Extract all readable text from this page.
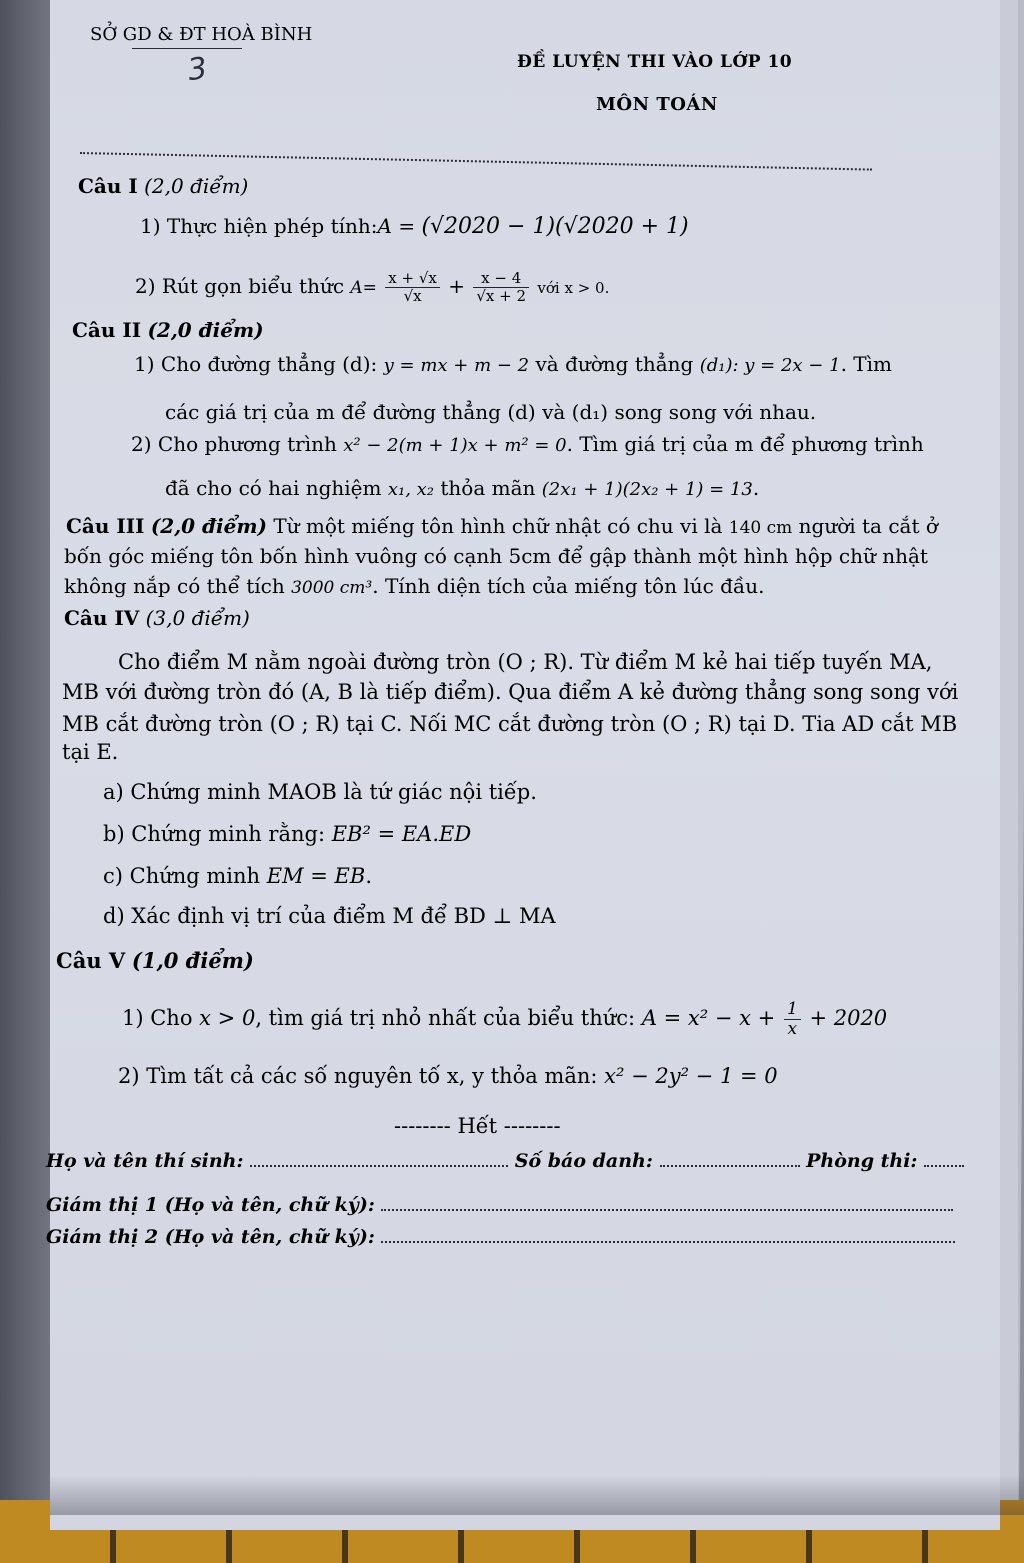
SỞ GD & ĐT HOÀ BÌNH
3	ĐỀ LUYỆN THI VÀO LỚP 10
MÔN TOÁN
Câu I (2,0 điểm)
1) Thực hiện phép tính:A = (√2020 − 1)(√2020 + 1)
2) Rút gọn biểu thức $A= \frac{x + √x}{√x} + \frac{x - 4}{√x + 2}$ với x > 0.
Câu II (2,0 điểm)
1) Cho đường thẳng (d): y = mx + m − 2 và đường thẳng (d₁): y = 2x − 1. Tìm
các giá trị của m để đường thẳng (d) và (d₁) song song với nhau.
2) Cho phương trình x² − 2(m + 1)x + m² = 0. Tìm giá trị của m để phương trình
đã cho có hai nghiệm x₁, x₂ thỏa mãn (2x₁ + 1)(2x₂ + 1) = 13.
Câu III (2,0 điểm) Từ một miếng tôn hình chữ nhật có chu vi là 140 cm người ta cắt ở
bốn góc miếng tôn bốn hình vuông có cạnh 5cm để gập thành một hình hộp chữ nhật
không nắp có thể tích 3000 cm³. Tính diện tích của miếng tôn lúc đầu.
Câu IV (3,0 điểm)
Cho điểm M nằm ngoài đường tròn (O ; R). Từ điểm M kẻ hai tiếp tuyến MA,
MB với đường tròn đó (A, B là tiếp điểm). Qua điểm A kẻ đường thẳng song song với
MB cắt đường tròn (O ; R) tại C. Nối MC cắt đường tròn (O ; R) tại D. Tia AD cắt MB
tại E.
a) Chứng minh MAOB là tứ giác nội tiếp.
b) Chứng minh rằng: EB² = EA.ED
c) Chứng minh EM = EB.
d) Xác định vị trí của điểm M để BD ⊥ MA
Câu V (1,0 điểm)
1) Cho x > 0, tìm giá trị nhỏ nhất của biểu thức: $A = x^2 - x + \frac{1}{x} + 2020$
2) Tìm tất cả các số nguyên tố x, y thỏa mãn: x² − 2y² − 1 = 0
-------- Hết --------
Họ và tên thí sinh:	Số báo danh:	Phòng thi:
Giám thị 1 (Họ và tên, chữ ký):
Giám thị 2 (Họ và tên, chữ ký):
